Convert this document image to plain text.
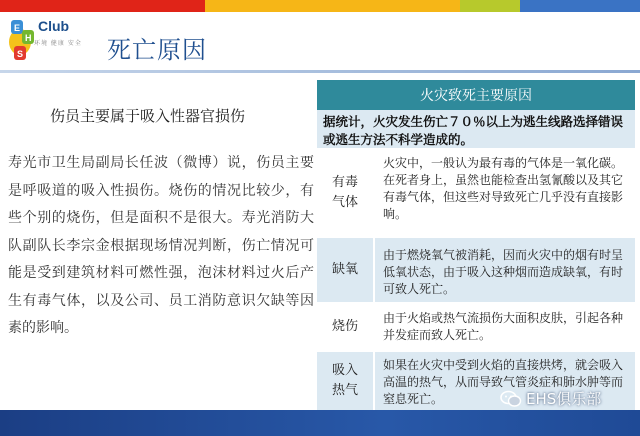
E
H
S
Club
环境 健康 安全 死亡原因
伤员主要属于吸入性器官损伤
寿光市卫生局副局长任波（微博）说，伤员主要是呼吸道的吸入性损伤。烧伤的情况比较少，有些个别的烧伤，但是面积不是很大。寿光消防大队副队长李宗金根据现场情况判断，伤亡情况可能是受到建筑材料可燃性强，泡沫材料过火后产生有毒气体，以及公司、员工消防意识欠缺等因素的影响。
火灾致死主要原因
据统计，火灾发生伤亡７０％以上为逃生线路选择错误或逃生方法不科学造成的。
有毒
气体
火灾中，一般认为最有毒的气体是一氧化碳。在死者身上，虽然也能检查出氢氰酸以及其它有毒气体，但这些对导致死亡几乎没有直接影响。
缺氧
由于燃烧氧气被消耗，因而火灾中的烟有时呈低氧状态，由于吸入这种烟而造成缺氧，有时可致人死亡。
烧伤
由于火焰或热气流损伤大面积皮肤，引起各种并发症而致人死亡。
吸入
热气
如果在火灾中受到火焰的直接烘烤，就会吸入高温的热气，从而导致气管炎症和肺水肿等而窒息死亡。	EHS俱乐部
